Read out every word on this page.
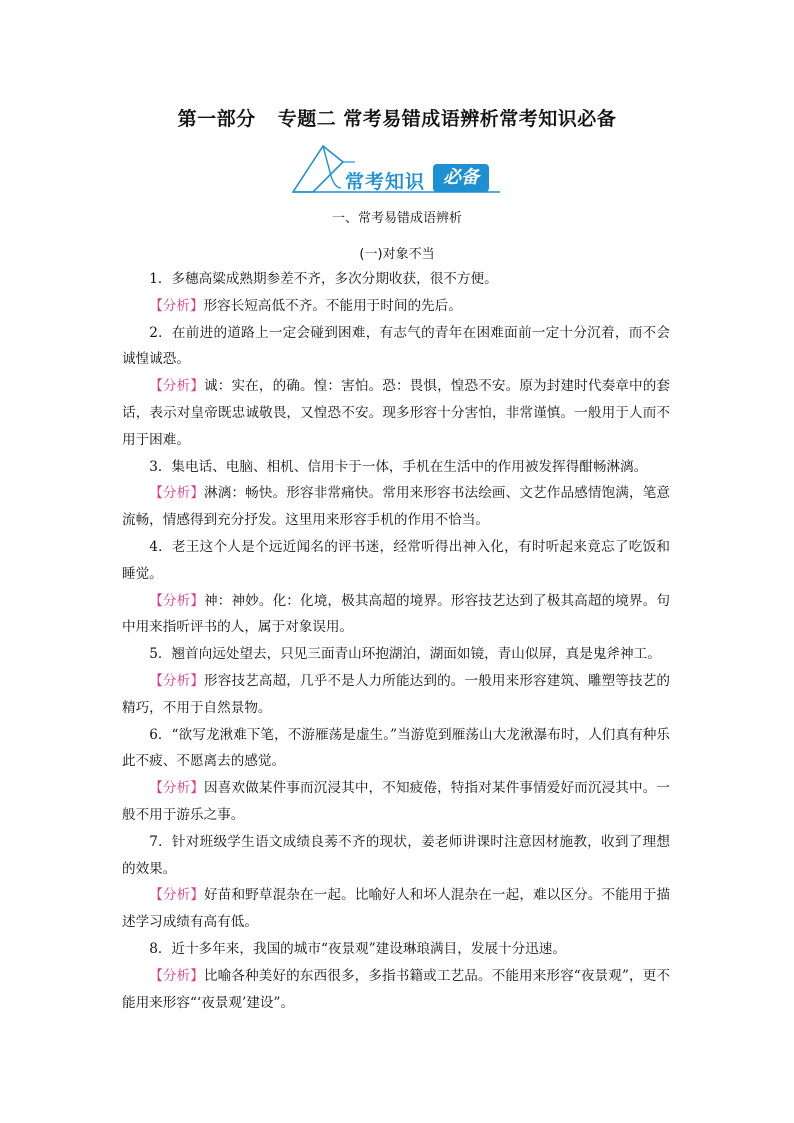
第一部分 专题二 常考易错成语辨析常考知识必备
常考知识 必备
一、常考易错成语辨析
(一)对象不当

1．多穗高粱成熟期参差不齐，多次分期收获，很不方便。

【分析】形容长短高低不齐。不能用于时间的先后。

2．在前进的道路上一定会碰到困难，有志气的青年在困难面前一定十分沉着，而不会诚惶诚恐。

【分析】诚：实在，的确。惶：害怕。恐：畏惧，惶恐不安。原为封建时代奏章中的套话，表示对皇帝既忠诚敬畏，又惶恐不安。现多形容十分害怕，非常谨慎。一般用于人而不用于困难。

3．集电话、电脑、相机、信用卡于一体，手机在生活中的作用被发挥得酣畅淋漓。

【分析】淋漓：畅快。形容非常痛快。常用来形容书法绘画、文艺作品感情饱满，笔意流畅，情感得到充分抒发。这里用来形容手机的作用不恰当。

4．老王这个人是个远近闻名的评书迷，经常听得出神入化，有时听起来竟忘了吃饭和睡觉。

【分析】神：神妙。化：化境，极其高超的境界。形容技艺达到了极其高超的境界。句中用来指听评书的人，属于对象误用。

5．翘首向远处望去，只见三面青山环抱湖泊，湖面如镜，青山似屏，真是鬼斧神工。

【分析】形容技艺高超，几乎不是人力所能达到的。一般用来形容建筑、雕塑等技艺的精巧，不用于自然景物。

6．“欲写龙湫难下笔，不游雁荡是虚生。”当游览到雁荡山大龙湫瀑布时，人们真有种乐此不疲、不愿离去的感觉。

【分析】因喜欢做某件事而沉浸其中，不知疲倦，特指对某件事情爱好而沉浸其中。一般不用于游乐之事。

7．针对班级学生语文成绩良莠不齐的现状，姜老师讲课时注意因材施教，收到了理想的效果。

【分析】好苗和野草混杂在一起。比喻好人和坏人混杂在一起，难以区分。不能用于描述学习成绩有高有低。

8．近十多年来，我国的城市“夜景观”建设琳琅满目，发展十分迅速。

【分析】比喻各种美好的东西很多，多指书籍或工艺品。不能用来形容“夜景观”，更不能用来形容“‘夜景观’建设”。
